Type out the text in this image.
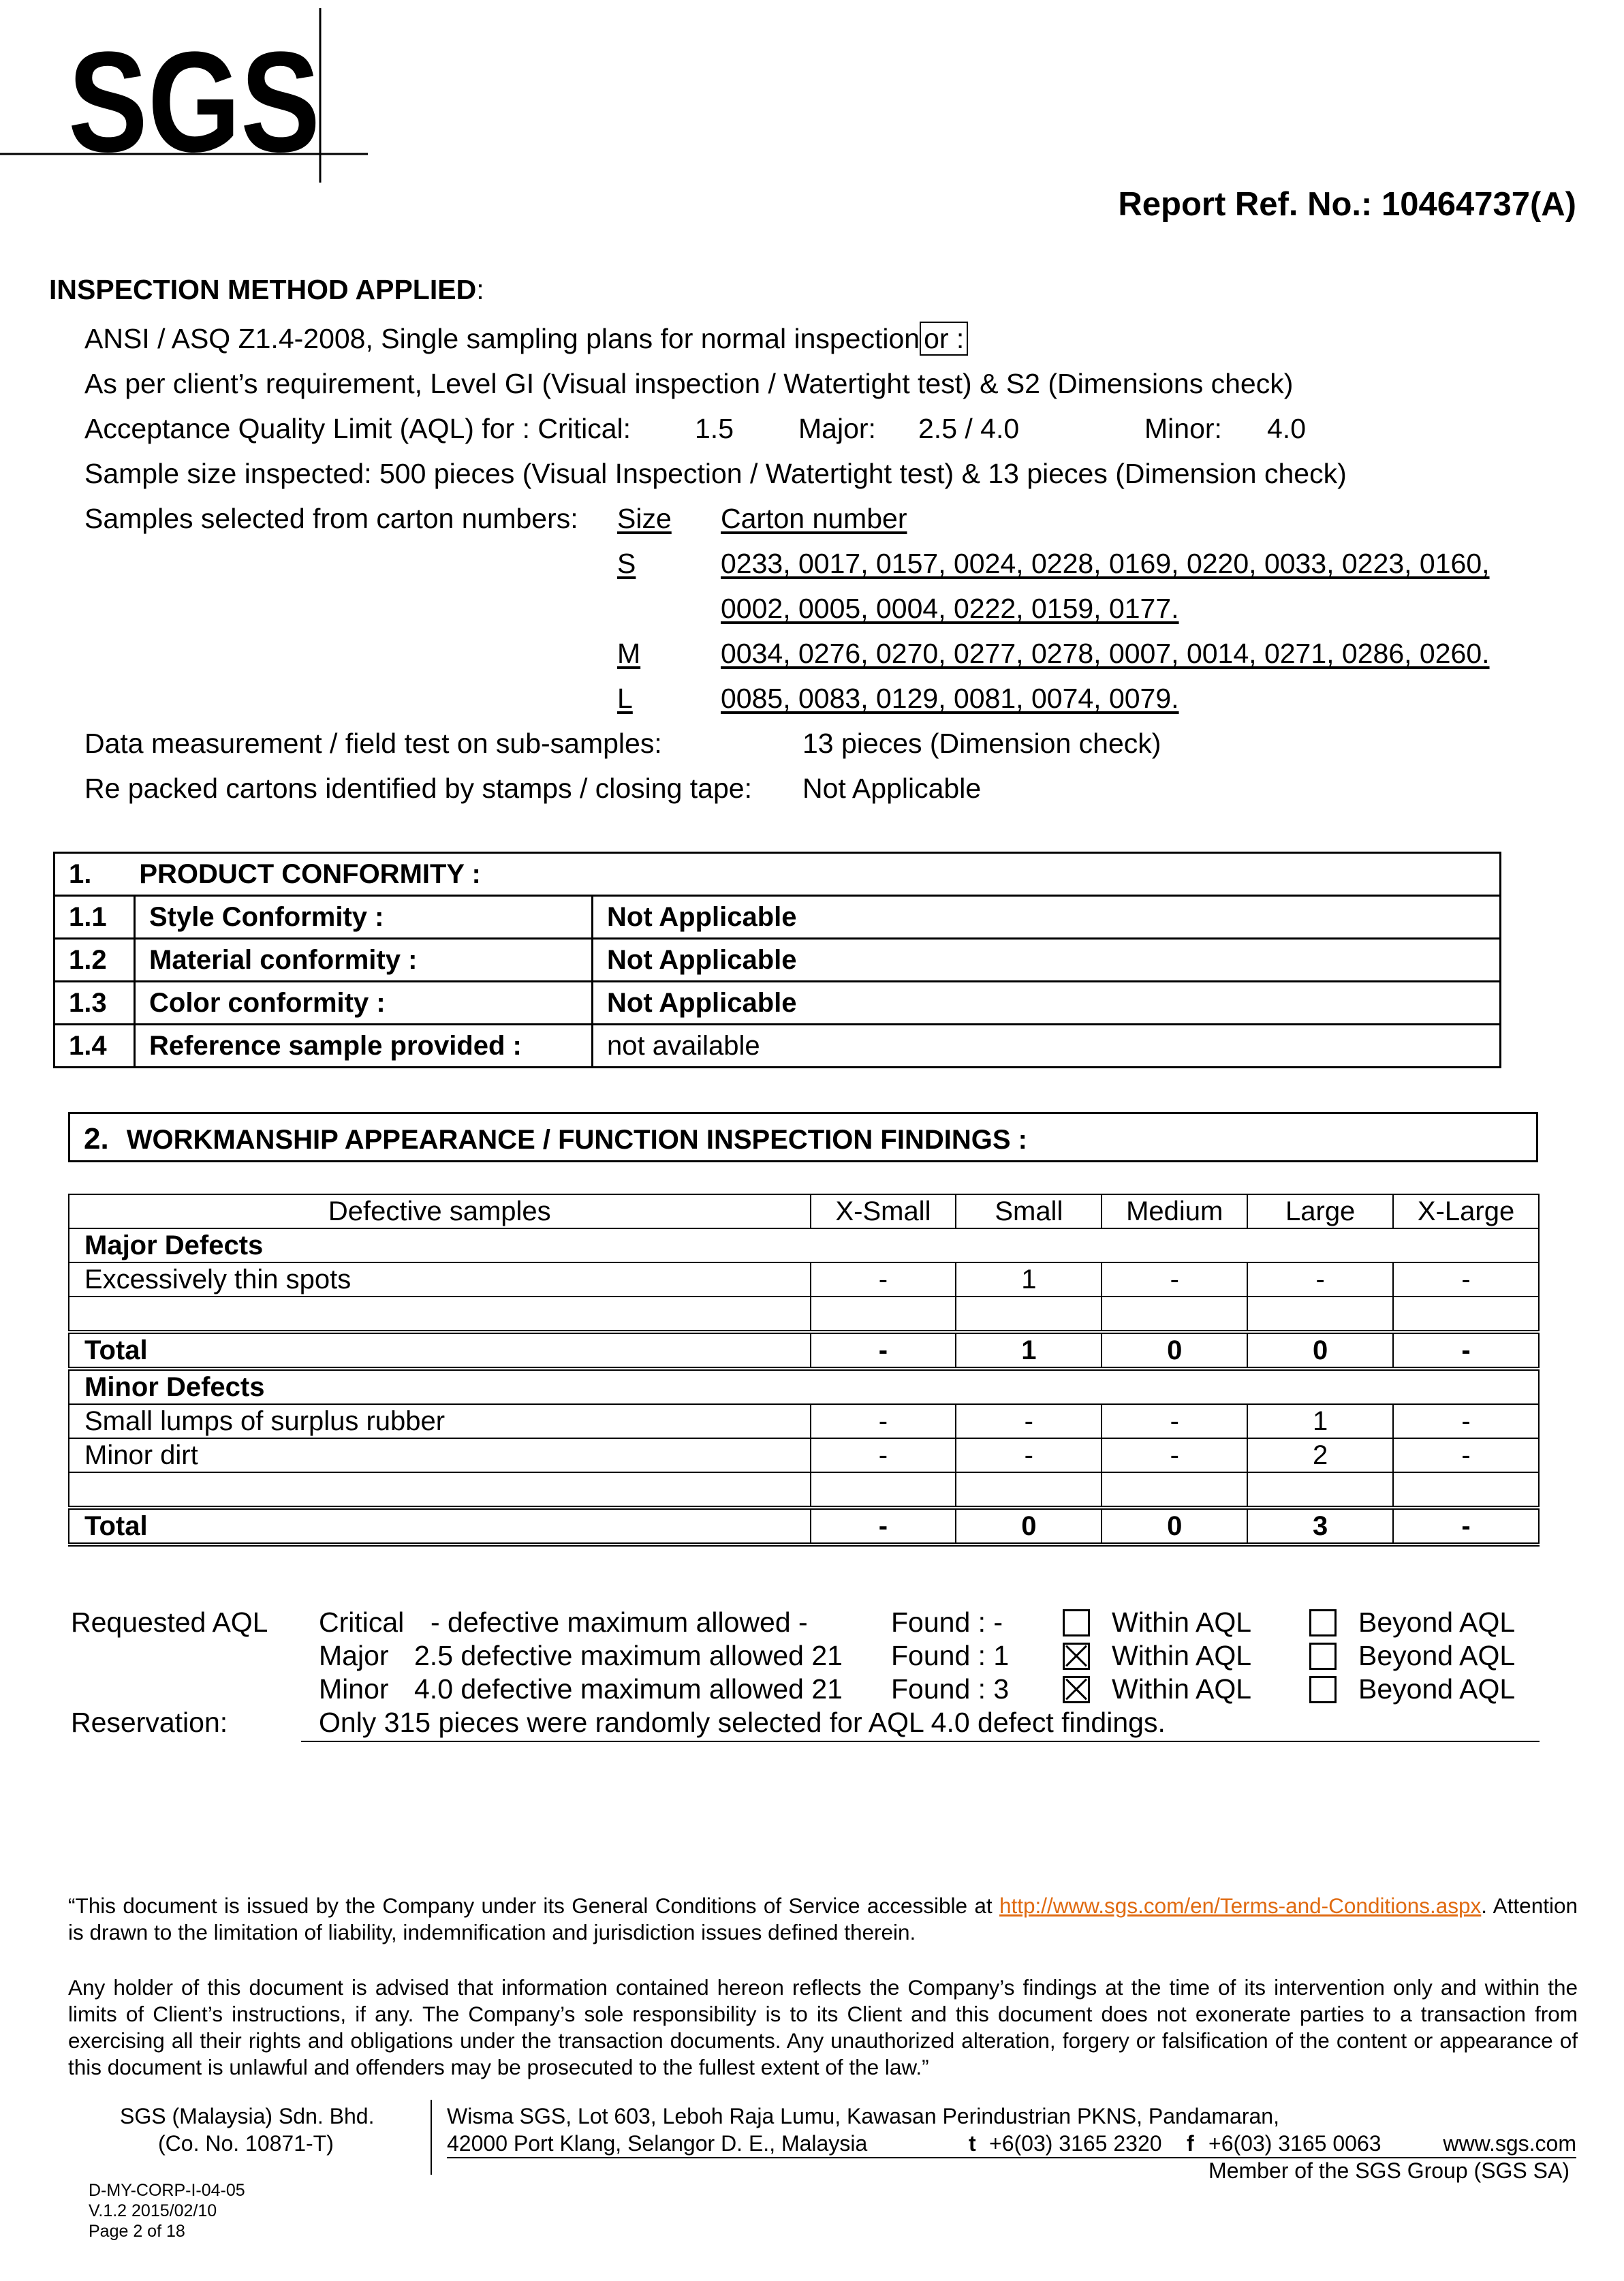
SGS
Report Ref. No.: 10464737(A)
INSPECTION METHOD APPLIED:
ANSI / ASQ Z1.4-2008, Single sampling plans for normal inspection or :
As per client’s requirement, Level GI (Visual inspection / Watertight test) & S2 (Dimensions check)
Acceptance Quality Limit (AQL) for : Critical: 1.5 Major: 2.5 / 4.0	Minor: 4.0
Sample size inspected: 500 pieces (Visual Inspection / Watertight test) & 13 pieces (Dimension check)
Samples selected from carton numbers: Size Carton number
S	0233, 0017, 0157, 0024, 0228, 0169, 0220, 0033, 0223, 0160,
0002, 0005, 0004, 0222, 0159, 0177.
M	0034, 0276, 0270, 0277, 0278, 0007, 0014, 0271, 0286, 0260.
L	0085, 0083, 0129, 0081, 0074, 0079.
Data measurement / field test on sub-samples:	13 pieces (Dimension check)
Re packed cartons identified by stamps / closing tape: Not Applicable
1. PRODUCT CONFORMITY :		
1.1	Style Conformity :	Not Applicable
1.2	Material conformity :	Not Applicable
1.3	Color conformity :	Not Applicable
1.4	Reference sample provided :	not available
2. WORKMANSHIP APPEARANCE / FUNCTION INSPECTION FINDINGS :
Defective samples	X-Small	Small	Medium	Large	X-Large
Major Defects					
Excessively thin spots	-	1	-	-	-

Total	-	1	0	0	-
Minor Defects					
Small lumps of surplus rubber	-	-	-	1	-
Minor dirt	-	-	-	2	-

Total	-	0	0	3	-
Requested AQL Critical - defective maximum allowed -	Found : -	Within AQL	Beyond AQL
Major 2.5 defective maximum allowed 21 Found : 1	Within AQL	Beyond AQL
Minor 4.0 defective maximum allowed 21 Found : 3	Within AQL	Beyond AQL
Reservation:	Only 315 pieces were randomly selected for AQL 4.0 defect findings.
“This document is issued by the Company under its General Conditions of Service accessible at http://www.sgs.com/en/Terms-and-Conditions.aspx. Attention is drawn to the limitation of liability, indemnification and jurisdiction issues defined therein.
Any holder of this document is advised that information contained hereon reflects the Company’s findings at the time of its intervention only and within the limits of Client’s instructions, if any. The Company’s sole responsibility is to its Client and this document does not exonerate parties to a transaction from exercising all their rights and obligations under the transaction documents. Any unauthorized alteration, forgery or falsification of the content or appearance of this document is unlawful and offenders may be prosecuted to the fullest extent of the law.”
SGS (Malaysia) Sdn. Bhd.
(Co. No. 10871-T)
Wisma SGS, Lot 603, Leboh Raja Lumu, Kawasan Perindustrian PKNS, Pandamaran,
42000 Port Klang, Selangor D. E., Malaysia	t +6(03) 3165 2320 f +6(03) 3165 0063	www.sgs.com
Member of the SGS Group (SGS SA)
D-MY-CORP-I-04-05
V.1.2 2015/02/10
Page 2 of 18
